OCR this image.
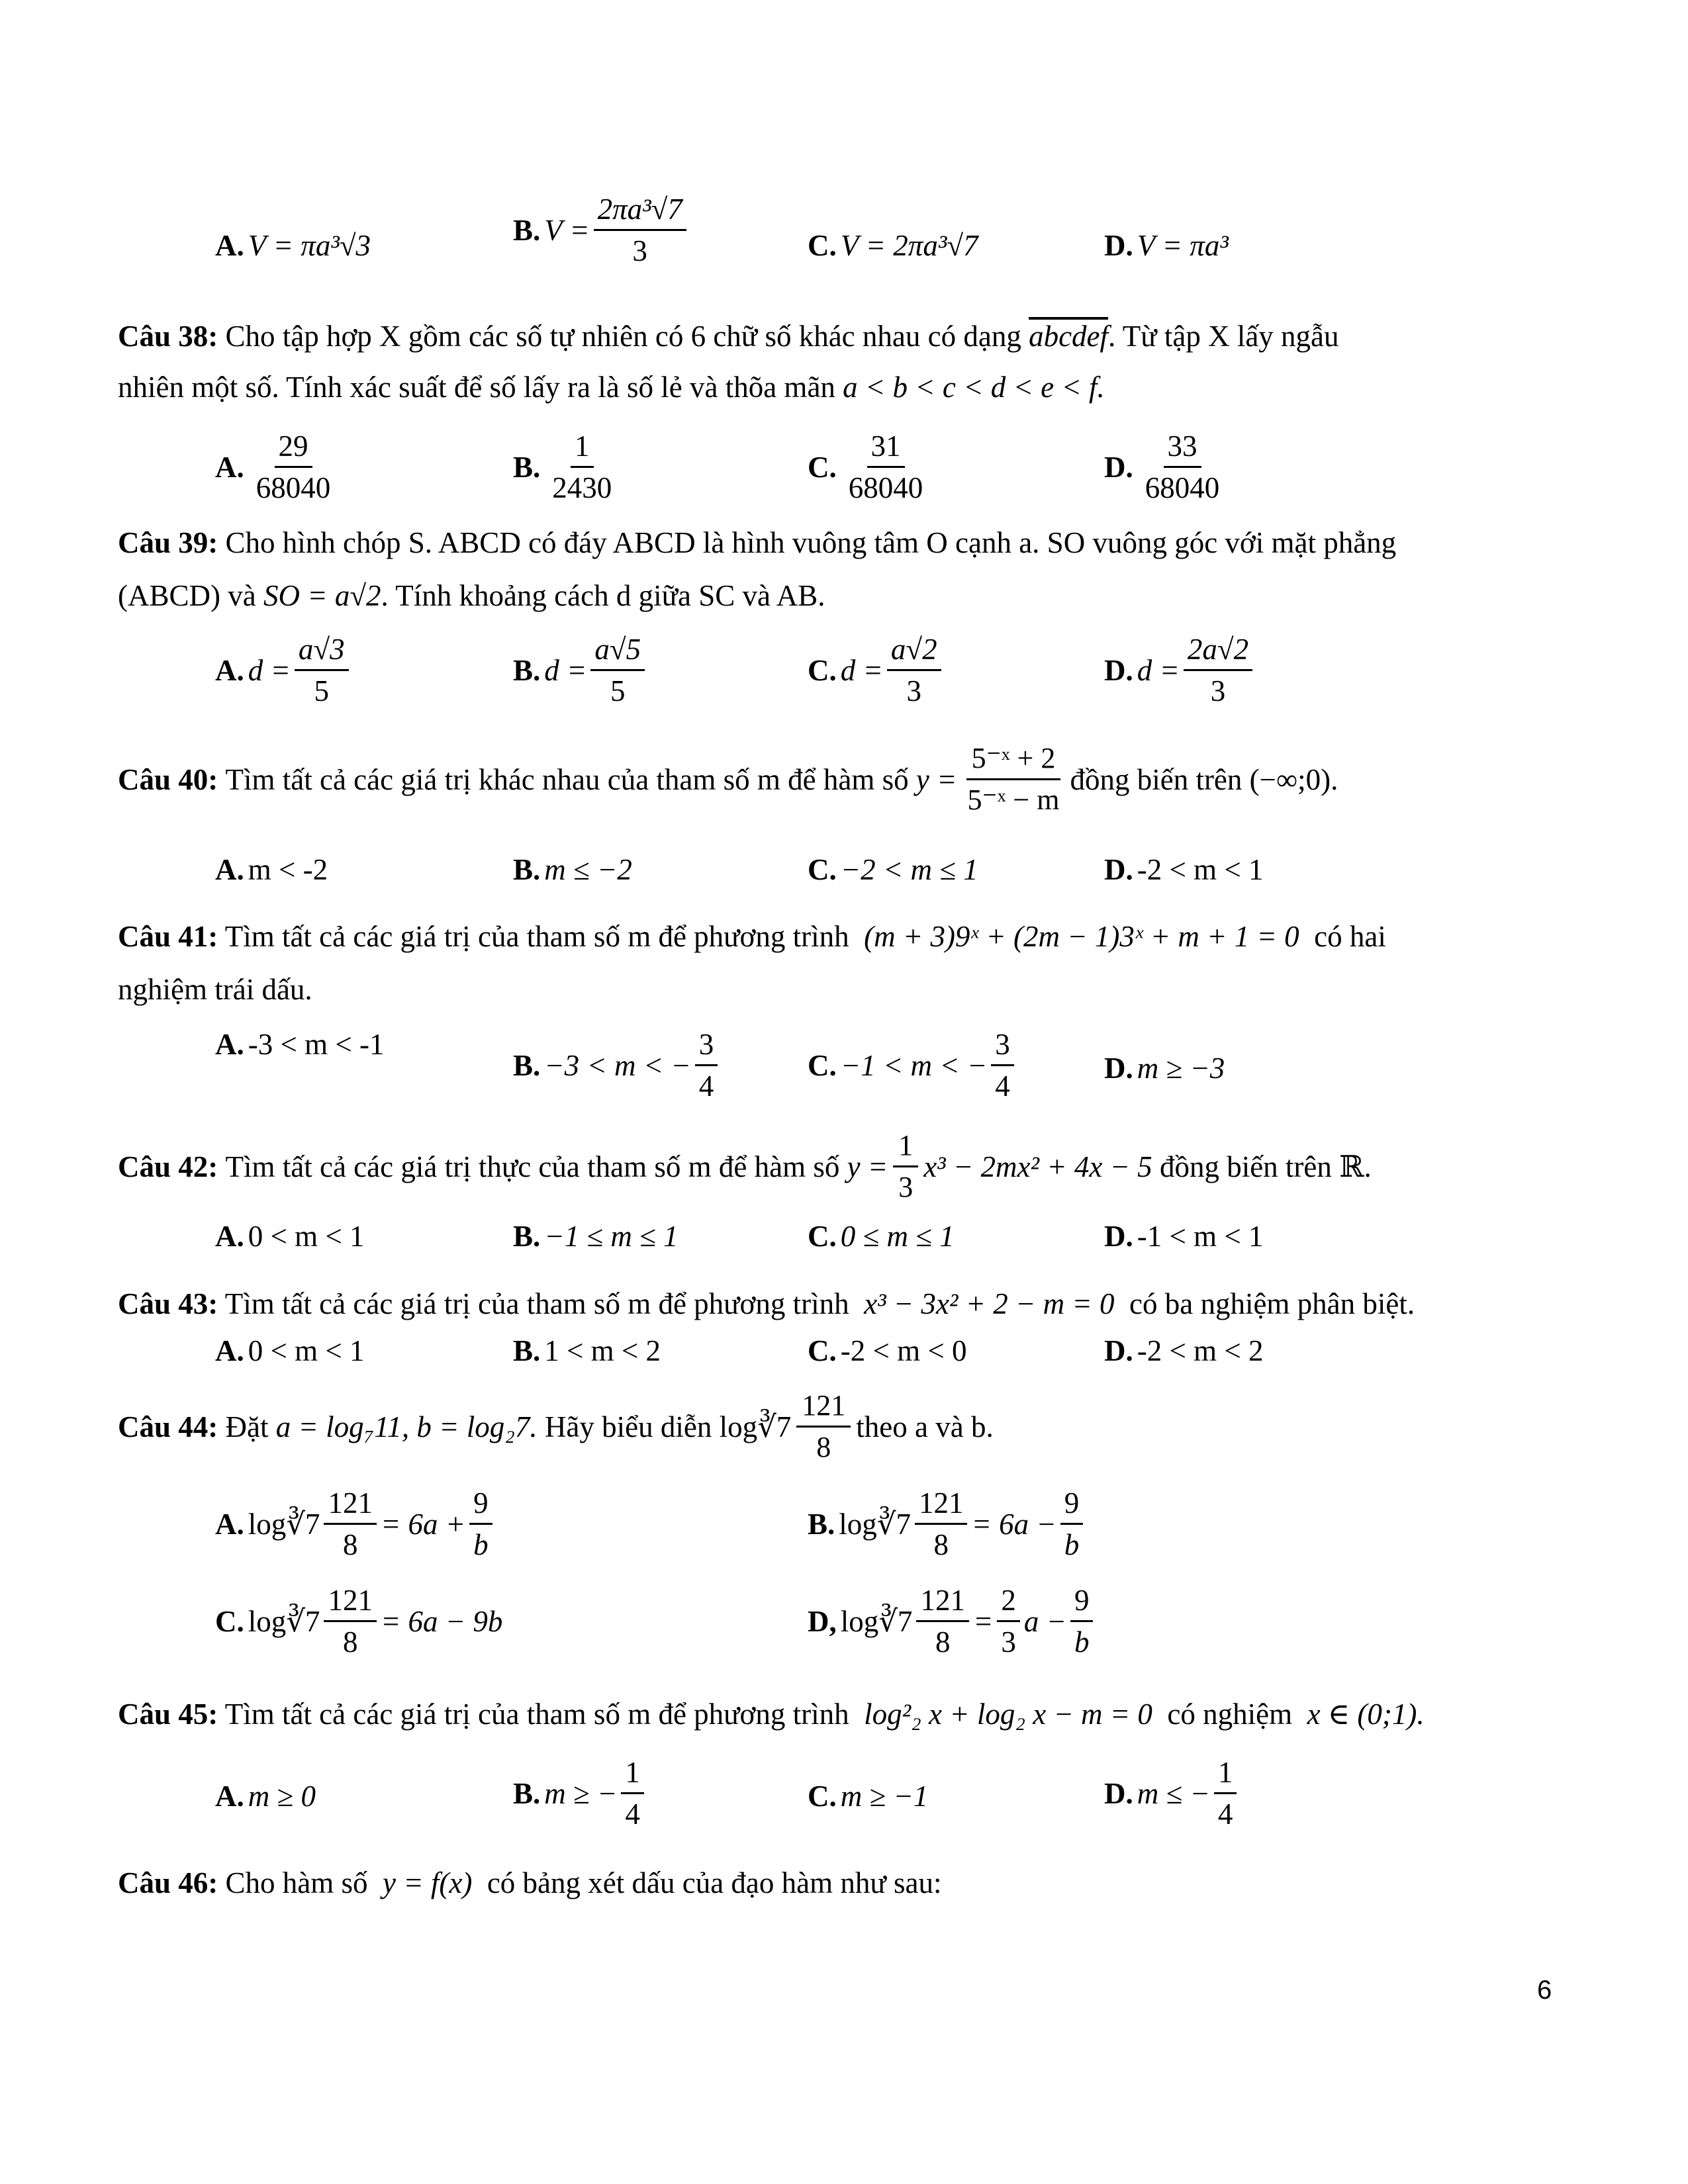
A. V = πa³√3	B. $V = \frac{\text{2πa³√7}}{3}$	C. V = 2πa³√7	D. V = πa³
Câu 38: Cho tập hợp X gồm các số tự nhiên có 6 chữ số khác nhau có dạng abcdef. Từ tập X lấy ngẫu
nhiên một số. Tính xác suất để số lấy ra là số lẻ và thõa mãn a < b < c < d < e < f.
A. $\frac{29}{68040}$	B. $\frac{1}{2430}$	C. $\frac{31}{68040}$	D. $\frac{33}{68040}$
Câu 39: Cho hình chóp S. ABCD có đáy ABCD là hình vuông tâm O cạnh a. SO vuông góc với mặt phẳng
(ABCD) và SO = a√2. Tính khoảng cách d giữa SC và AB.
A. $d = \frac{a√3}{5}$	B. $d = \frac{a√5}{5}$	C. $d = \frac{a√2}{3}$	D. $d = \frac{2a√2}{3}$
Câu 40:
Tìm tất cả các giá trị khác nhau của tham số m để hàm số
$y = \frac{\text{5⁻ˣ + 2}}{\text{5⁻ˣ − m}}$ đồng biến trên
(−∞;0).
A. m < -2	B. m ≤ −2	C. −2 < m ≤ 1	D. -2 < m < 1
Câu 41: Tìm tất cả các giá trị của tham số m để phương trình (m + 3)9ˣ + (2m − 1)3ˣ + m + 1 = 0 có hai
nghiệm trái dấu.
A. -3 < m < -1
B. −3 < m < − $\frac{3}{4}$	C. −1 < m < − $\frac{3}{4}$	D. m ≥ −3
Câu 42:
Tìm tất cả các giá trị thực của tham số m để hàm số
$y = \frac{1}{3} x^3 - 2mx^2 + 4x - 5$
đồng biến trên ℝ.
A. 0 < m < 1	B. −1 ≤ m ≤ 1	C. 0 ≤ m ≤ 1	D. -1 < m < 1
Câu 43: Tìm tất cả các giá trị của tham số m để phương trình x³ − 3x² + 2 − m = 0 có ba nghiệm phân biệt.
A. 0 < m < 1	B. 1 < m < 2	C. -2 < m < 0	D. -2 < m < 2
Câu 44:
Đặt
a = log₇11, b = log₂7.
Hãy biểu diễn
log∛7 $\frac{121}{8}$ theo a và b.
A. log∛7 $\frac{121}{8} = 6a + \frac{9}{b}$	B. log∛7 $\frac{121}{8} = 6a - \frac{9}{b}$
C. log∛7 $\frac{121}{8} = 6a - 9b$	D, log∛7 $\frac{121}{8} = \frac{2}{3}$ $a - \frac{9}{b}$
Câu 45: Tìm tất cả các giá trị của tham số m để phương trình log²₂ x + log₂ x − m = 0 có nghiệm x ∈ (0;1).
A. m ≥ 0	B. m ≥ − $\frac{1}{4}$	C. m ≥ −1	D. m ≤ − $\frac{1}{4}$
Câu 46: Cho hàm số y = f(x) có bảng xét dấu của đạo hàm như sau:
6
